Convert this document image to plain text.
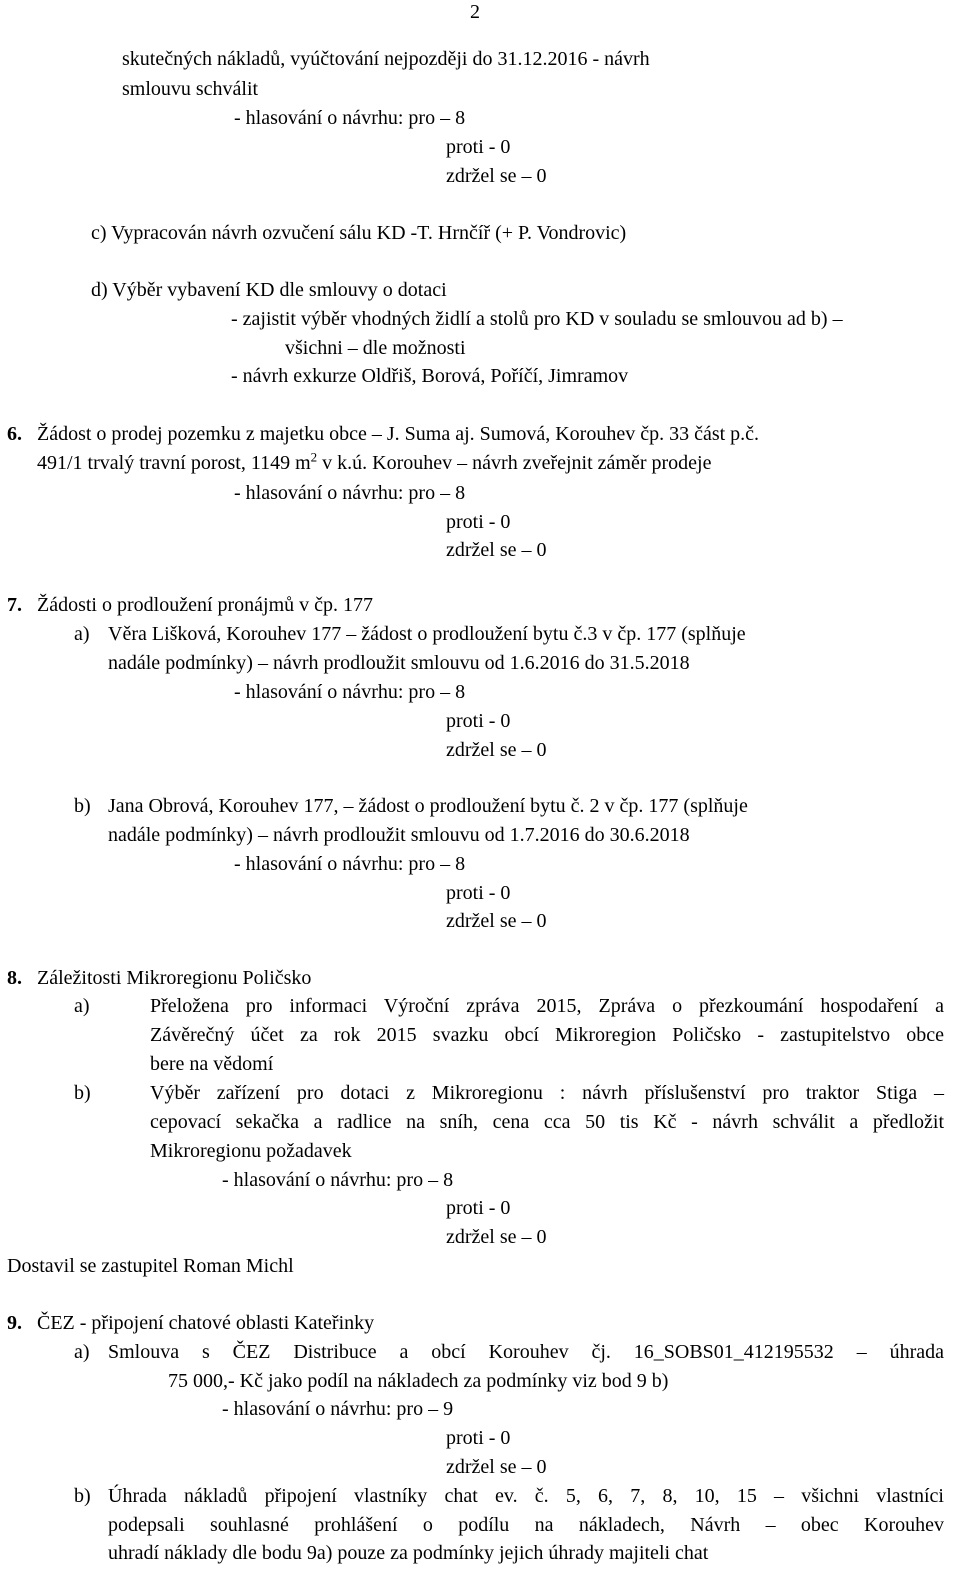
2
skutečných nákladů, vyúčtování nejpozději do 31.12.2016 - návrh
smlouvu schválit
- hlasování o návrhu: pro – 8
proti - 0
zdržel se – 0
c) Vypracován návrh ozvučení sálu KD -T. Hrnčíř (+ P. Vondrovic)
d) Výběr vybavení KD dle smlouvy o dotaci
- zajistit výběr vhodných židlí a stolů pro KD v souladu se smlouvou ad b) –
všichni – dle možnosti
- návrh exkurze Oldřiš, Borová, Poříčí, Jimramov
6. Žádost o prodej pozemku z majetku obce – J. Suma aj. Sumová, Korouhev čp. 33 část p.č.
491/1 trvalý travní porost, 1149 $m^2$ v k.ú. Korouhev – návrh zveřejnit záměr prodeje
- hlasování o návrhu: pro – 8
proti - 0
zdržel se – 0
7. Žádosti o prodloužení pronájmů v čp. 177
a) Věra Lišková, Korouhev 177 – žádost o prodloužení bytu č.3 v čp. 177 (splňuje
nadále podmínky) – návrh prodloužit smlouvu od 1.6.2016 do 31.5.2018
- hlasování o návrhu: pro – 8
proti - 0
zdržel se – 0
b) Jana Obrová, Korouhev 177, – žádost o prodloužení bytu č. 2 v čp. 177 (splňuje
nadále podmínky) – návrh prodloužit smlouvu od 1.7.2016 do 30.6.2018
- hlasování o návrhu: pro – 8
proti - 0
zdržel se – 0
8. Záležitosti Mikroregionu Poličsko
a)	Přeložena pro informaci Výroční zpráva 2015, Zpráva o přezkoumání hospodaření a
Závěrečný účet za rok 2015 svazku obcí Mikroregion Poličsko - zastupitelstvo obce
bere na vědomí
b)	Výběr zařízení pro dotaci z Mikroregionu : návrh příslušenství pro traktor Stiga –
cepovací sekačka a radlice na sníh, cena cca 50 tis Kč - návrh schválit a předložit
Mikroregionu požadavek
- hlasování o návrhu: pro – 8
proti - 0
zdržel se – 0
Dostavil se zastupitel Roman Michl
9. ČEZ - připojení chatové oblasti Kateřinky
a) Smlouva s ČEZ Distribuce a obcí Korouhev čj. 16_SOBS01_412195532 – úhrada
75 000,- Kč jako podíl na nákladech za podmínky viz bod 9 b)
- hlasování o návrhu: pro – 9
proti - 0
zdržel se – 0
b) Úhrada nákladů připojení vlastníky chat ev. č. 5, 6, 7, 8, 10, 15 – všichni vlastníci
podepsali souhlasné prohlášení o podílu na nákladech, Návrh – obec Korouhev
uhradí náklady dle bodu 9a) pouze za podmínky jejich úhrady majiteli chat
